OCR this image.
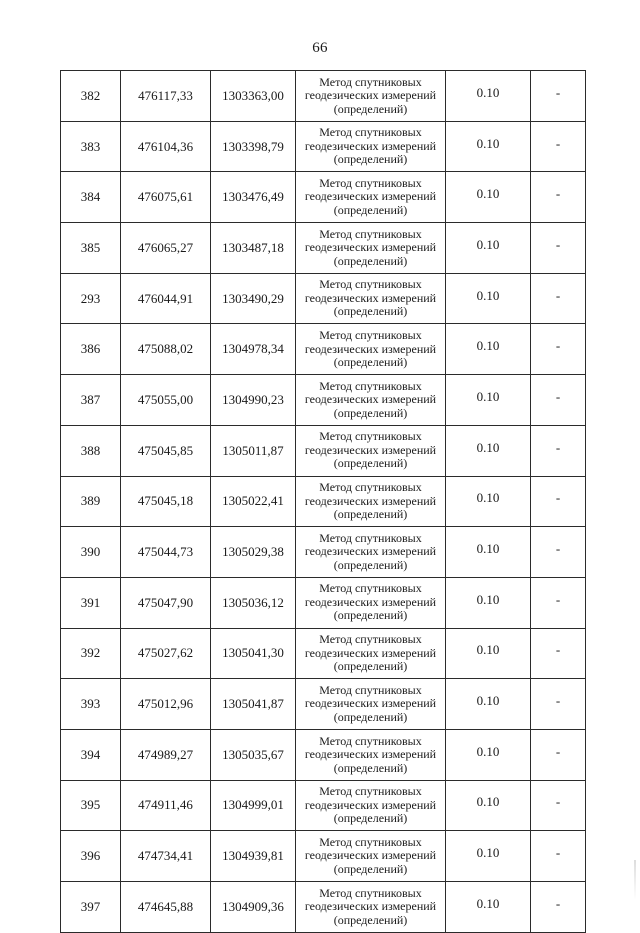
66
382	476117,33	1303363,00	Метод спутниковых
геодезических измерений
(определений)	0.10	-
383	476104,36	1303398,79	Метод спутниковых
геодезических измерений
(определений)	0.10	-
384	476075,61	1303476,49	Метод спутниковых
геодезических измерений
(определений)	0.10	-
385	476065,27	1303487,18	Метод спутниковых
геодезических измерений
(определений)	0.10	-
293	476044,91	1303490,29	Метод спутниковых
геодезических измерений
(определений)	0.10	-
386	475088,02	1304978,34	Метод спутниковых
геодезических измерений
(определений)	0.10	-
387	475055,00	1304990,23	Метод спутниковых
геодезических измерений
(определений)	0.10	-
388	475045,85	1305011,87	Метод спутниковых
геодезических измерений
(определений)	0.10	-
389	475045,18	1305022,41	Метод спутниковых
геодезических измерений
(определений)	0.10	-
390	475044,73	1305029,38	Метод спутниковых
геодезических измерений
(определений)	0.10	-
391	475047,90	1305036,12	Метод спутниковых
геодезических измерений
(определений)	0.10	-
392	475027,62	1305041,30	Метод спутниковых
геодезических измерений
(определений)	0.10	-
393	475012,96	1305041,87	Метод спутниковых
геодезических измерений
(определений)	0.10	-
394	474989,27	1305035,67	Метод спутниковых
геодезических измерений
(определений)	0.10	-
395	474911,46	1304999,01	Метод спутниковых
геодезических измерений
(определений)	0.10	-
396	474734,41	1304939,81	Метод спутниковых
геодезических измерений
(определений)	0.10	-
397	474645,88	1304909,36	Метод спутниковых
геодезических измерений
(определений)	0.10	-
